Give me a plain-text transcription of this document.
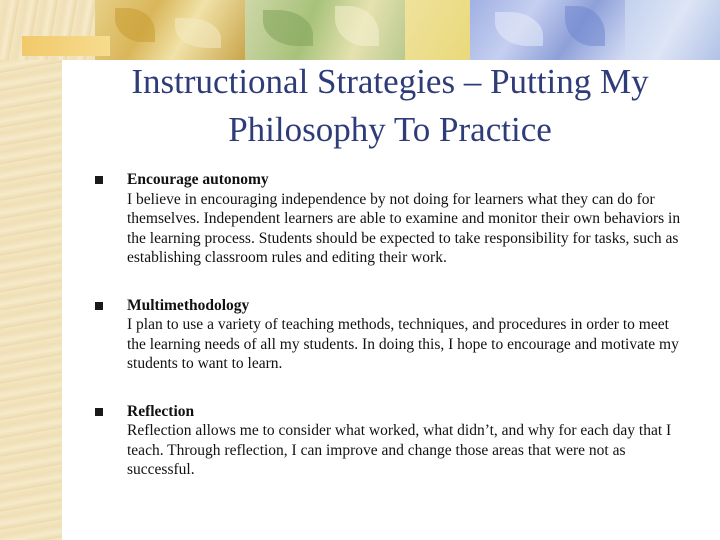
Instructional Strategies – Putting My Philosophy To Practice
Encourage autonomy
I believe in encouraging independence by not doing for learners what they can do for themselves. Independent learners are able to examine and monitor their own behaviors in the learning process. Students should be expected to take responsibility for tasks, such as establishing classroom rules and editing their work.
Multimethodology
I plan to use a variety of teaching methods, techniques, and procedures in order to meet the learning needs of all my students. In doing this, I hope to encourage and motivate my students to want to learn.
Reflection
Reflection allows me to consider what worked, what didn’t, and why for each day that I teach. Through reflection, I can improve and change those areas that were not as successful.
